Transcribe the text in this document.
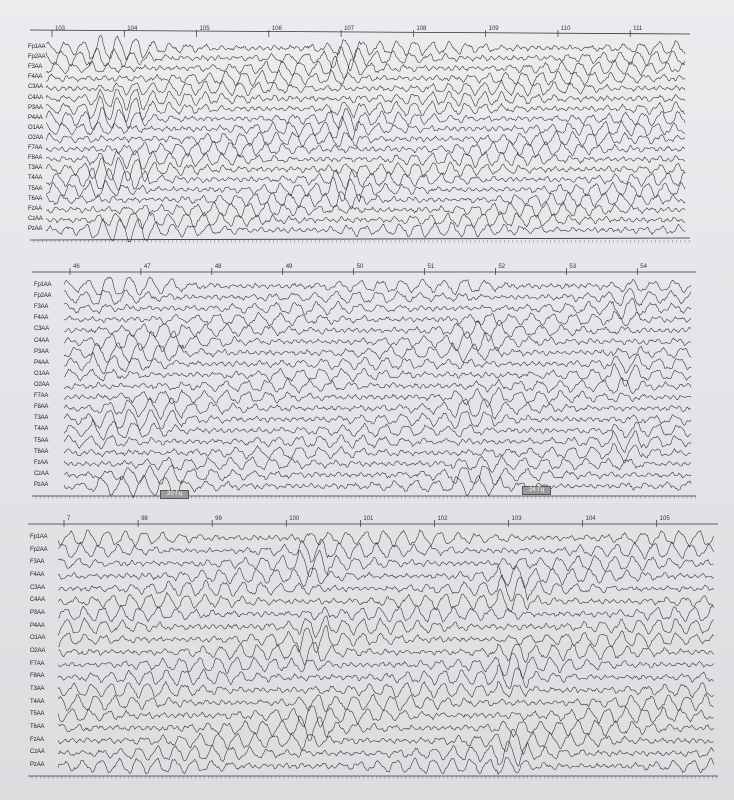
103	104	105	106	107	108	109	110	111
Fp1AA
Fp2AA
F3AA
F4AA
C3AA
C4AA
P3AA
P4AA
O1AA
O2AA
F7AA
F8AA
T3AA
T4AA
T5AA
T6AA
FzAA
CzAA
PzAA
46	47	48	49	50	51	52	53	54
Fp1AA
Fp2AA
F3AA
F4AA
C3AA
C4AA
P3AA
P4AA
O1AA
O2AA
F7AA
F8AA
T3AA
T4AA
T5AA
T6AA
FzAA
CzAA
PzAA
20 Гц
24 Гц
7	98	99	100	101	102	103	104	105
Fp1AA
Fp2AA
F3AA
F4AA
C3AA
C4AA
P3AA
P4AA
O1AA
O2AA
F7AA
F8AA
T3AA
T4AA
T5AA
T6AA
FzAA
CzAA
PzAA
